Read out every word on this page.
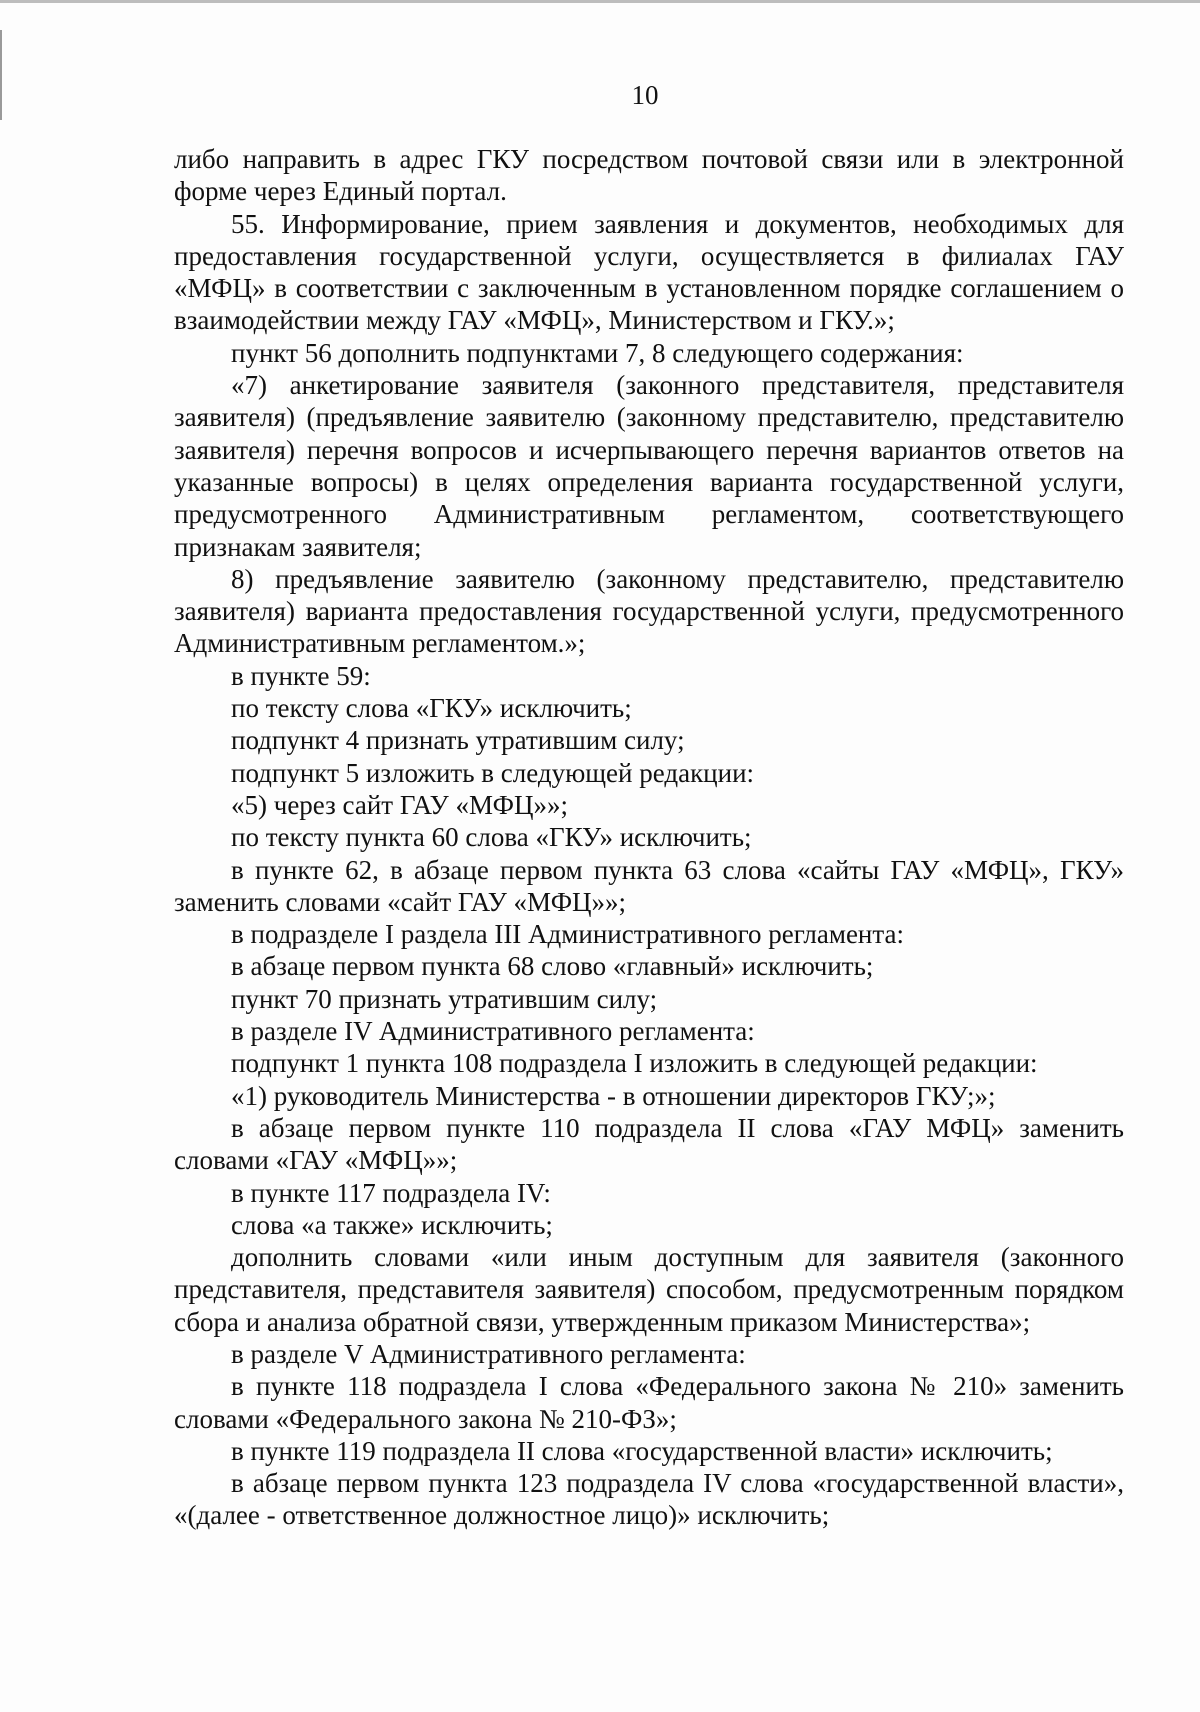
10

либо направить в адрес ГКУ посредством почтовой связи или в электронной форме через Единый портал.

55. Информирование, прием заявления и документов, необходимых для предоставления государственной услуги, осуществляется в филиалах ГАУ «МФЦ» в соответствии с заключенным в установленном порядке соглашением о взаимодействии между ГАУ «МФЦ», Министерством и ГКУ.»;

пункт 56 дополнить подпунктами 7, 8 следующего содержания:

«7) анкетирование заявителя (законного представителя, представителя заявителя) (предъявление заявителю (законному представителю, представителю заявителя) перечня вопросов и исчерпывающего перечня вариантов ответов на указанные вопросы) в целях определения варианта государственной услуги, предусмотренного Административным регламентом, соответствующего признакам заявителя;

8) предъявление заявителю (законному представителю, представителю заявителя) варианта предоставления государственной услуги, предусмотренного Административным регламентом.»;

в пункте 59:

по тексту слова «ГКУ» исключить;

подпункт 4 признать утратившим силу;

подпункт 5 изложить в следующей редакции:

«5) через сайт ГАУ «МФЦ»»;

по тексту пункта 60 слова «ГКУ» исключить;

в пункте 62, в абзаце первом пункта 63 слова «сайты ГАУ «МФЦ», ГКУ» заменить словами «сайт ГАУ «МФЦ»»;

в подразделе I раздела III Административного регламента:

в абзаце первом пункта 68 слово «главный» исключить;

пункт 70 признать утратившим силу;

в разделе IV Административного регламента:

подпункт 1 пункта 108 подраздела I изложить в следующей редакции:

«1) руководитель Министерства - в отношении директоров ГКУ;»;

в абзаце первом пункте 110 подраздела II слова «ГАУ МФЦ» заменить словами «ГАУ «МФЦ»»;

в пункте 117 подраздела IV:

слова «а также» исключить;

дополнить словами «или иным доступным для заявителя (законного представителя, представителя заявителя) способом, предусмотренным порядком сбора и анализа обратной связи, утвержденным приказом Министерства»;

в разделе V Административного регламента:

в пункте 118 подраздела I слова «Федерального закона № 210» заменить словами «Федерального закона № 210-ФЗ»;

в пункте 119 подраздела II слова «государственной власти» исключить;

в абзаце первом пункта 123 подраздела IV слова «государственной власти», «(далее - ответственное должностное лицо)» исключить;
